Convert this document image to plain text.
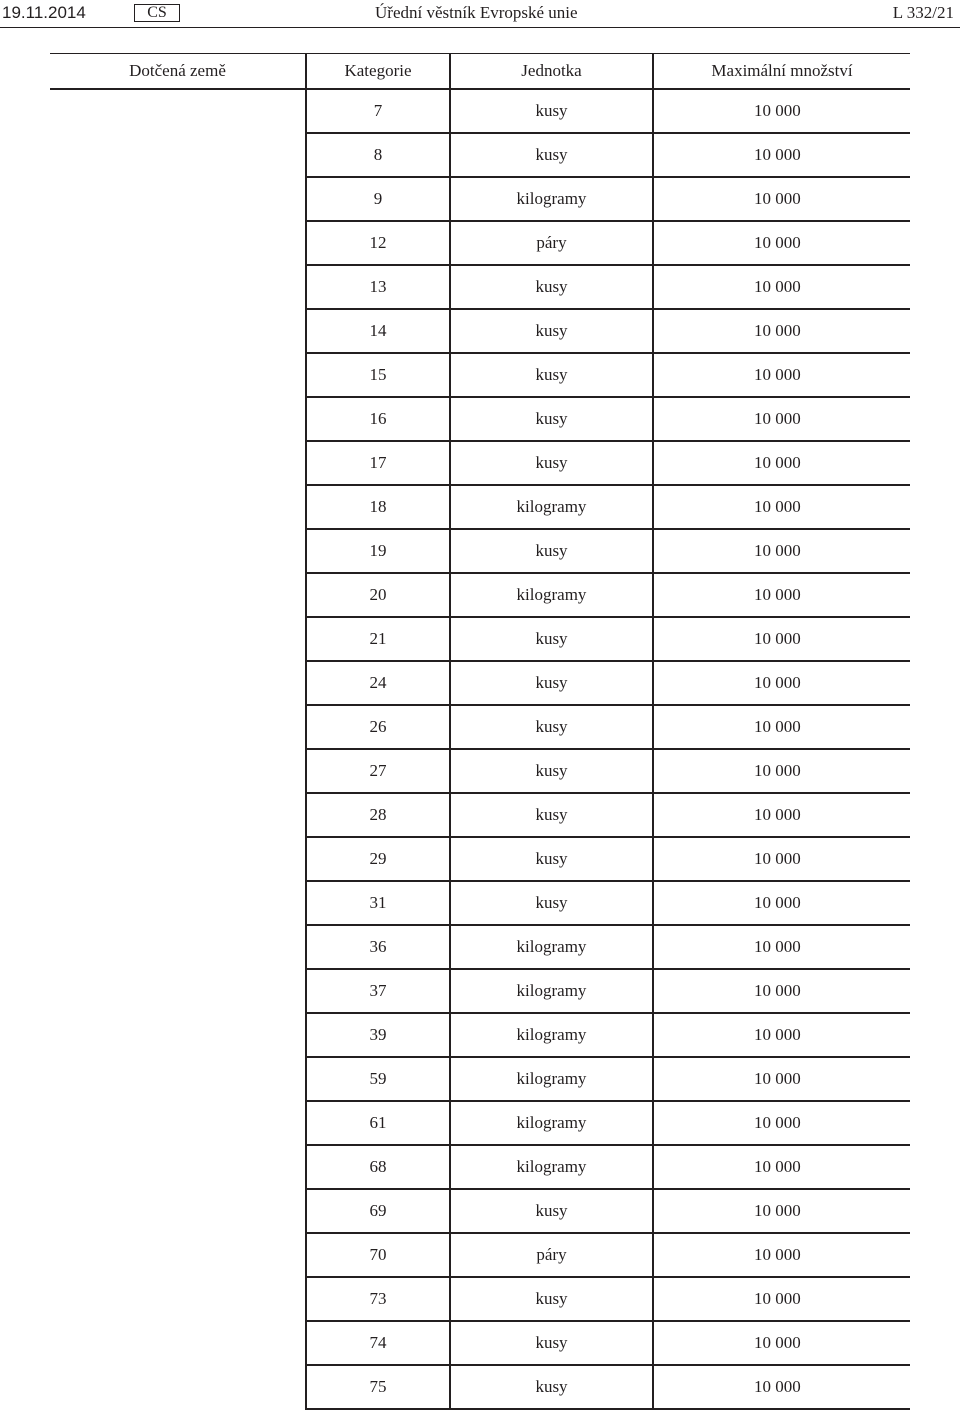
19.11.2014	CS	Úřední věstník Evropské unie	L 332/21
Dotčená země	Kategorie	Jednotka	Maximální množství
	7	kusy	10 000
	8	kusy	10 000
	9	kilogramy	10 000
	12	páry	10 000
	13	kusy	10 000
	14	kusy	10 000
	15	kusy	10 000
	16	kusy	10 000
	17	kusy	10 000
	18	kilogramy	10 000
	19	kusy	10 000
	20	kilogramy	10 000
	21	kusy	10 000
	24	kusy	10 000
	26	kusy	10 000
	27	kusy	10 000
	28	kusy	10 000
	29	kusy	10 000
	31	kusy	10 000
	36	kilogramy	10 000
	37	kilogramy	10 000
	39	kilogramy	10 000
	59	kilogramy	10 000
	61	kilogramy	10 000
	68	kilogramy	10 000
	69	kusy	10 000
	70	páry	10 000
	73	kusy	10 000
	74	kusy	10 000
	75	kusy	10 000
